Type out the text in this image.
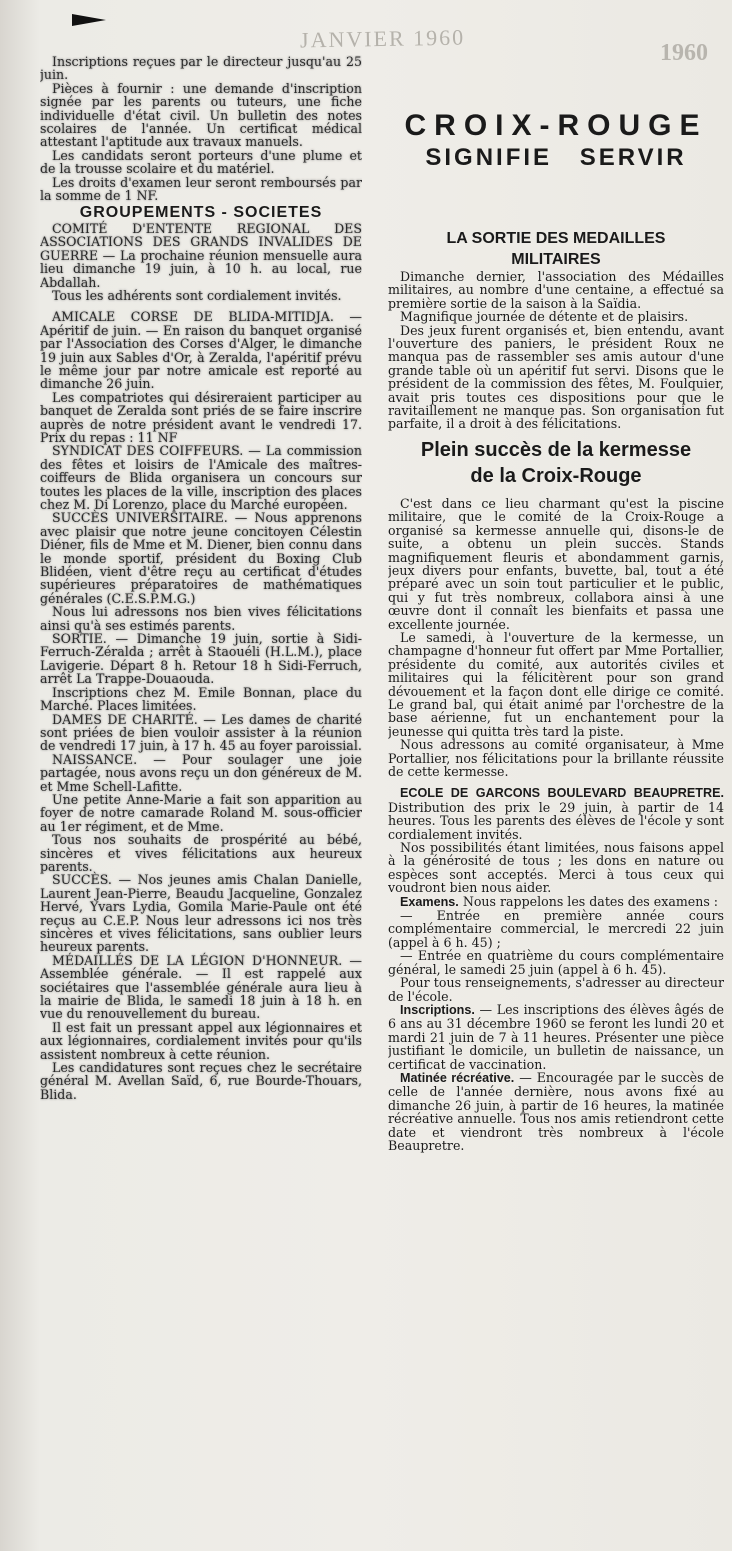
JANVIER 1960
1960

Inscriptions reçues par le directeur jusqu'au 25 juin.

Pièces à fournir : une demande d'inscription signée par les parents ou tuteurs, une fiche individuelle d'état civil. Un bulletin des notes scolaires de l'année. Un certificat médical attestant l'aptitude aux travaux manuels.

Les candidats seront porteurs d'une plume et de la trousse scolaire et du matériel.

Les droits d'examen leur seront remboursés par la somme de 1 NF.

GROUPEMENTS - SOCIETES

COMITÉ D'ENTENTE REGIONAL DES ASSOCIATIONS DES GRANDS INVALIDES DE GUERRE — La prochaine réunion mensuelle aura lieu dimanche 19 juin, à 10 h. au local, rue Abdallah.

Tous les adhérents sont cordialement invités.

AMICALE CORSE DE BLIDA-MITIDJA. — Apéritif de juin. — En raison du banquet organisé par l'Association des Corses d'Alger, le dimanche 19 juin aux Sables d'Or, à Zeralda, l'apéritif prévu le même jour par notre amicale est reporté au dimanche 26 juin.

Les compatriotes qui désireraient participer au banquet de Zeralda sont priés de se faire inscrire auprès de notre président avant le vendredi 17. Prix du repas : 11 NF

SYNDICAT DES COIFFEURS. — La commission des fêtes et loisirs de l'Amicale des maîtres-coiffeurs de Blida organisera un concours sur toutes les places de la ville, inscription des places chez M. Di Lorenzo, place du Marché européen.

SUCCÈS UNIVERSITAIRE. — Nous apprenons avec plaisir que notre jeune concitoyen Célestin Diéner, fils de Mme et M. Diener, bien connu dans le monde sportif, président du Boxing Club Blidéen, vient d'être reçu au certificat d'études supérieures préparatoires de mathématiques générales (C.E.S.P.M.G.)

Nous lui adressons nos bien vives félicitations ainsi qu'à ses estimés parents.

SORTIE. — Dimanche 19 juin, sortie à Sidi-Ferruch-Zéralda ; arrêt à Staouéli (H.L.M.), place Lavigerie. Départ 8 h. Retour 18 h Sidi-Ferruch, arrêt La Trappe-Douaouda.

Inscriptions chez M. Emile Bonnan, place du Marché. Places limitées.

DAMES DE CHARITÉ. — Les dames de charité sont priées de bien vouloir assister à la réunion de vendredi 17 juin, à 17 h. 45 au foyer paroissial.

NAISSANCE. — Pour soulager une joie partagée, nous avons reçu un don généreux de M. et Mme Schell-Lafitte.

Une petite Anne-Marie a fait son apparition au foyer de notre camarade Roland M. sous-officier au 1er régiment, et de Mme.

Tous nos souhaits de prospérité au bébé, sincères et vives félicitations aux heureux parents.

SUCCÈS. — Nos jeunes amis Chalan Danielle, Laurent Jean-Pierre, Beaudu Jacqueline, Gonzalez Hervé, Yvars Lydia, Gomila Marie-Paule ont été reçus au C.E.P. Nous leur adressons ici nos très sincères et vives félicitations, sans oublier leurs heureux parents.

MÉDAILLÉS DE LA LÉGION D'HONNEUR. — Assemblée générale. — Il est rappelé aux sociétaires que l'assemblée générale aura lieu à la mairie de Blida, le samedi 18 juin à 18 h. en vue du renouvellement du bureau.

Il est fait un pressant appel aux légionnaires et aux légionnaires, cordialement invités pour qu'ils assistent nombreux à cette réunion.

Les candidatures sont reçues chez le secrétaire général M. Avellan Saïd, 6, rue Bourde-Thouars, Blida.

CROIX-ROUGE
SIGNIFIE SERVIR
LA SORTIE DES MEDAILLES
MILITAIRES

Dimanche dernier, l'association des Médailles militaires, au nombre d'une centaine, a effectué sa première sortie de la saison à la Saïdia.

Magnifique journée de détente et de plaisirs.

Des jeux furent organisés et, bien entendu, avant l'ouverture des paniers, le président Roux ne manqua pas de rassembler ses amis autour d'une grande table où un apéritif fut servi. Disons que le président de la commission des fêtes, M. Foulquier, avait pris toutes ces dispositions pour que le ravitaillement ne manque pas. Son organisation fut parfaite, il a droit à des félicitations.

Plein succès de la kermesse
de la Croix-Rouge

C'est dans ce lieu charmant qu'est la piscine militaire, que le comité de la Croix-Rouge a organisé sa kermesse annuelle qui, disons-le de suite, a obtenu un plein succès. Stands magnifiquement fleuris et abondamment garnis, jeux divers pour enfants, buvette, bal, tout a été préparé avec un soin tout particulier et le public, qui y fut très nombreux, collabora ainsi à une œuvre dont il connaît les bienfaits et passa une excellente journée.

Le samedi, à l'ouverture de la kermesse, un champagne d'honneur fut offert par Mme Portallier, présidente du comité, aux autorités civiles et militaires qui la félicitèrent pour son grand dévouement et la façon dont elle dirige ce comité. Le grand bal, qui était animé par l'orchestre de la base aérienne, fut un enchantement pour la jeunesse qui quitta très tard la piste.

Nous adressons au comité organisateur, à Mme Portallier, nos félicitations pour la brillante réussite de cette kermesse.

ECOLE DE GARCONS BOULEVARD BEAUPRETRE. Distribution des prix le 29 juin, à partir de 14 heures. Tous les parents des élèves de l'école y sont cordialement invités.

Nos possibilités étant limitées, nous faisons appel à la générosité de tous ; les dons en nature ou espèces sont acceptés. Merci à tous ceux qui voudront bien nous aider.

Examens. Nous rappelons les dates des examens :

— Entrée en première année cours complémentaire commercial, le mercredi 22 juin (appel à 6 h. 45) ;

— Entrée en quatrième du cours complémentaire général, le samedi 25 juin (appel à 6 h. 45).

Pour tous renseignements, s'adresser au directeur de l'école.

Inscriptions. — Les inscriptions des élèves âgés de 6 ans au 31 décembre 1960 se feront les lundi 20 et mardi 21 juin de 7 à 11 heures. Présenter une pièce justifiant le domicile, un bulletin de naissance, un certificat de vaccination.

Matinée récréative. — Encouragée par le succès de celle de l'année dernière, nous avons fixé au dimanche 26 juin, à partir de 16 heures, la matinée récréative annuelle. Tous nos amis retiendront cette date et viendront très nombreux à l'école Beaupretre.
